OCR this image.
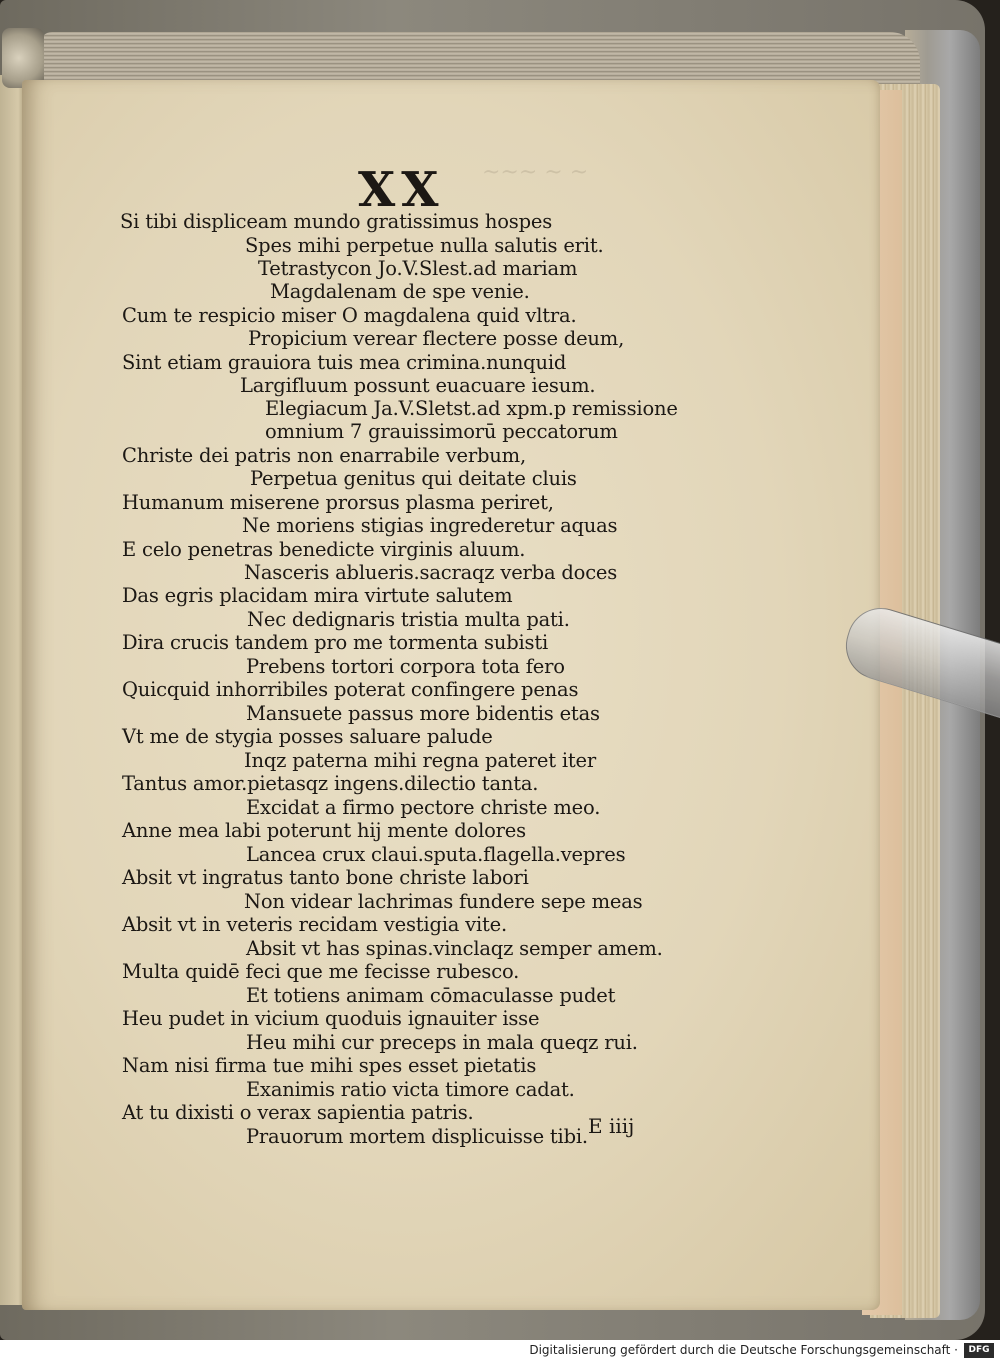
~~~ ~ ~
XX
Si tibi displiceam mundo gratissimus hospes
Spes mihi perpetue nulla salutis erit.
Tetrastycon Jo.V.Slest.ad mariam
Magdalenam de spe venie.
Cum te respicio miser O magdalena quid vltra.
Propicium verear flectere posse deum,
Sint etiam grauiora tuis mea crimina.nunquid
Largifluum possunt euacuare iesum.
Elegiacum Ja.V.Sletst.ad xpm.p remissione
omnium 7 grauissimorū peccatorum
Christe dei patris non enarrabile verbum,
Perpetua genitus qui deitate cluis
Humanum miserene prorsus plasma periret,
Ne moriens stigias ingrederetur aquas
E celo penetras benedicte virginis aluum.
Nasceris ablueris.sacraqz verba doces
Das egris placidam mira virtute salutem
Nec dedignaris tristia multa pati.
Dira crucis tandem pro me tormenta subisti
Prebens tortori corpora tota fero
Quicquid inhorribiles poterat confingere penas
Mansuete passus more bidentis etas
Vt me de stygia posses saluare palude
Inqz paterna mihi regna pateret iter
Tantus amor.pietasqz ingens.dilectio tanta.
Excidat a firmo pectore christe meo.
Anne mea labi poterunt hij mente dolores
Lancea crux claui.sputa.flagella.vepres
Absit vt ingratus tanto bone christe labori
Non videar lachrimas fundere sepe meas
Absit vt in veteris recidam vestigia vite.
Absit vt has spinas.vinclaqz semper amem.
Multa quidē feci que me fecisse rubesco.
Et totiens animam cōmaculasse pudet
Heu pudet in vicium quoduis ignauiter isse
Heu mihi cur preceps in mala queqz rui.
Nam nisi firma tue mihi spes esset pietatis
Exanimis ratio victa timore cadat.
At tu dixisti o verax sapientia patris.
Prauorum mortem displicuisse tibi. E iiij
Digitalisierung gefördert durch die Deutsche Forschungsgemeinschaft ·	DFG
